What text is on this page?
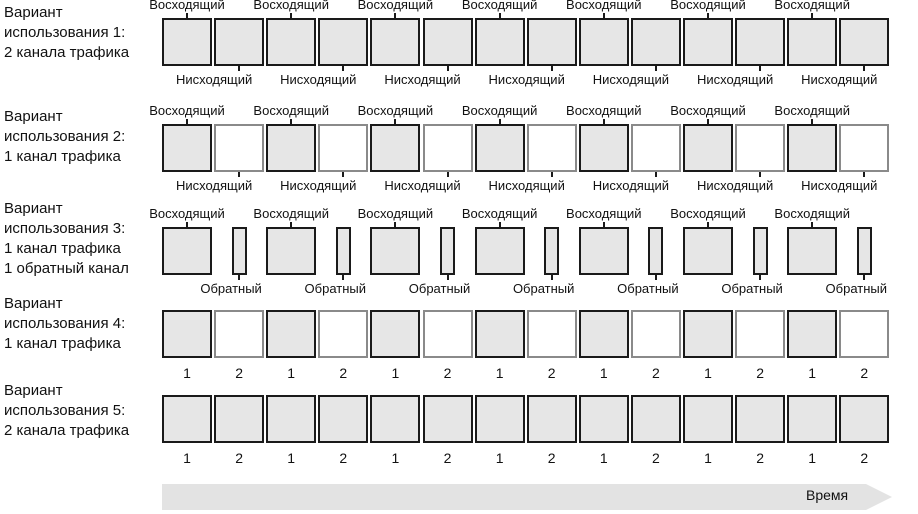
Время
Вариант
использования 1:
2 канала трафика
Восходящий
Нисходящий
Восходящий
Нисходящий
Восходящий
Нисходящий
Восходящий
Нисходящий
Восходящий
Нисходящий
Восходящий
Нисходящий
Восходящий
Нисходящий
Вариант
использования 2:
1 канал трафика
Восходящий
Нисходящий
Восходящий
Нисходящий
Восходящий
Нисходящий
Восходящий
Нисходящий
Восходящий
Нисходящий
Восходящий
Нисходящий
Восходящий
Нисходящий
Вариант
использования 3:
1 канал трафика
1 обратный канал
Восходящий
Обратный
Восходящий
Обратный
Восходящий
Обратный
Восходящий
Обратный
Восходящий
Обратный
Восходящий
Обратный
Восходящий
Обратный
Вариант
использования 4:
1 канал трафика
1	2	1	2	1	2	1	2	1	2	1	2	1	2
Вариант
использования 5:
2 канала трафика
1	2	1	2	1	2	1	2	1	2	1	2	1	2
